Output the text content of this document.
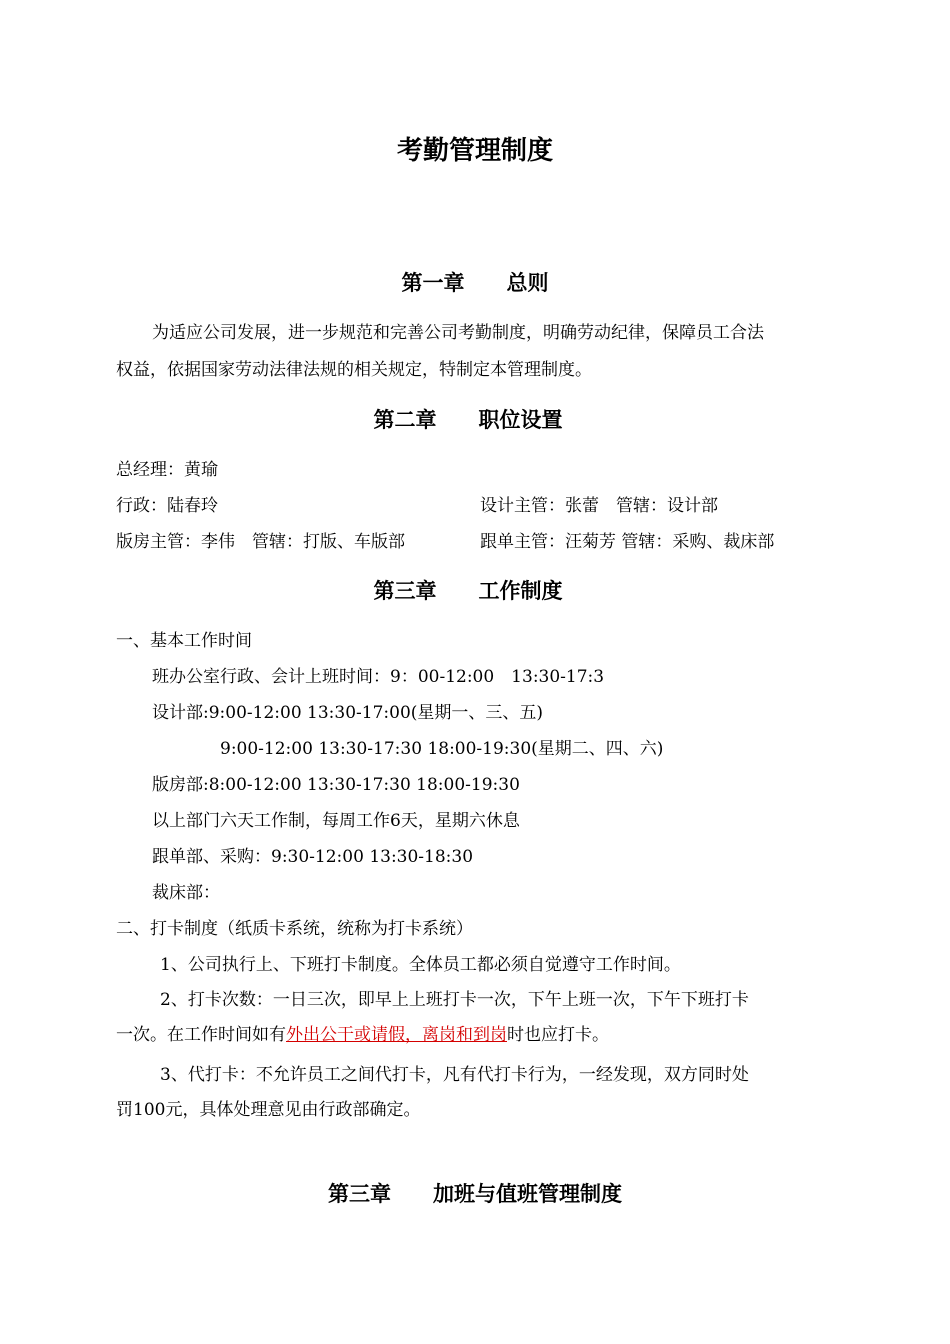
考勤管理制度
第一章　　总则
为适应公司发展，进一步规范和完善公司考勤制度，明确劳动纪律，保障员工合法
权益，依据国家劳动法律法规的相关规定，特制定本管理制度。
第二章　　职位设置
总经理：黄瑜
行政：陆春玲	设计主管：张蕾　管辖：设计部
版房主管：李伟　管辖：打版、车版部	跟单主管：汪菊芳 管辖：采购、裁床部
第三章　　工作制度
一、基本工作时间
班办公室行政、会计上班时间：9：00-12:00　13:30-17:3
设计部:9:00-12:00 13:30-17:00(星期一、三、五)
9:00-12:00 13:30-17:30 18:00-19:30(星期二、四、六)
版房部:8:00-12:00 13:30-17:30 18:00-19:30
以上部门六天工作制，每周工作6天，星期六休息
跟单部、采购：9:30-12:00 13:30-18:30
裁床部：
二、打卡制度（纸质卡系统，统称为打卡系统）
1、公司执行上、下班打卡制度。全体员工都必须自觉遵守工作时间。
2、打卡次数：一日三次，即早上上班打卡一次，下午上班一次，下午下班打卡
一次。在工作时间如有外出公干或请假，离岗和到岗时也应打卡。
3、代打卡：不允许员工之间代打卡，凡有代打卡行为，一经发现，双方同时处
罚100元，具体处理意见由行政部确定。
第三章　　加班与值班管理制度
